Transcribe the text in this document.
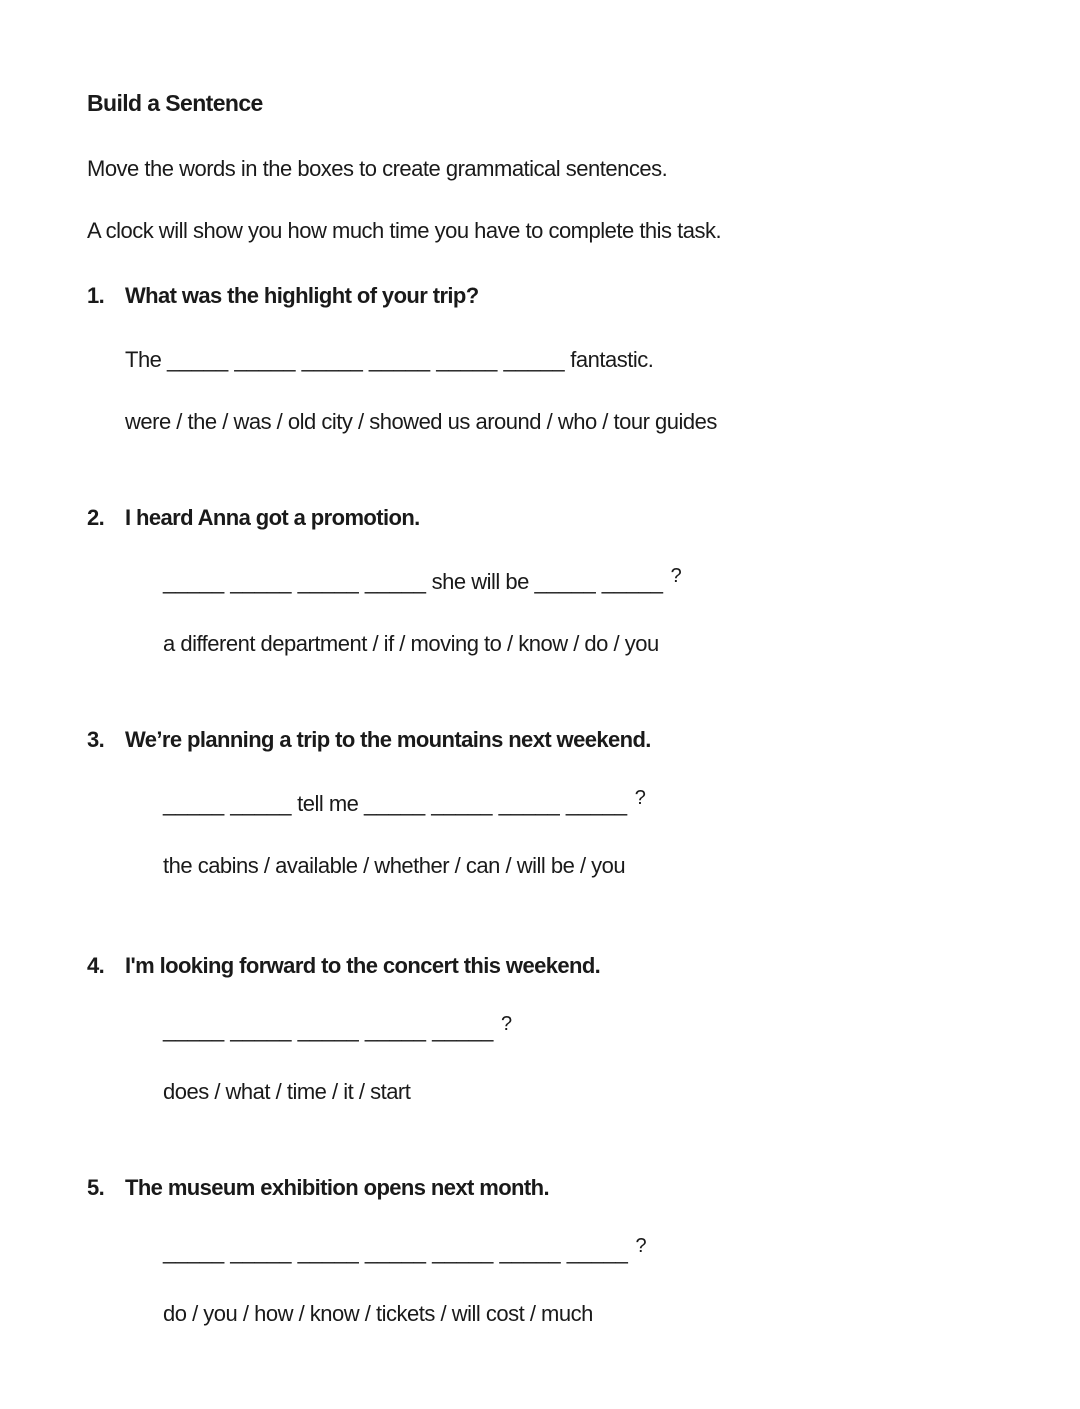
Build a Sentence

Move the words in the boxes to create grammatical sentences.

A clock will show you how much time you have to complete this task.

1. What was the highlight of your trip?
The _____ _____ _____ _____ _____ _____ fantastic.
were / the / was / old city / showed us around / who / tour guides
2. I heard Anna got a promotion.
_____ _____ _____ _____ she will be _____ _____ ?
a different department / if / moving to / know / do / you
3. We’re planning a trip to the mountains next weekend.
_____ _____ tell me _____ _____ _____ _____ ?
the cabins / available / whether / can / will be / you
4. I'm looking forward to the concert this weekend.
_____ _____ _____ _____ _____ ?
does / what / time / it / start
5. The museum exhibition opens next month.
_____ _____ _____ _____ _____ _____ _____ ?
do / you / how / know / tickets / will cost / much
